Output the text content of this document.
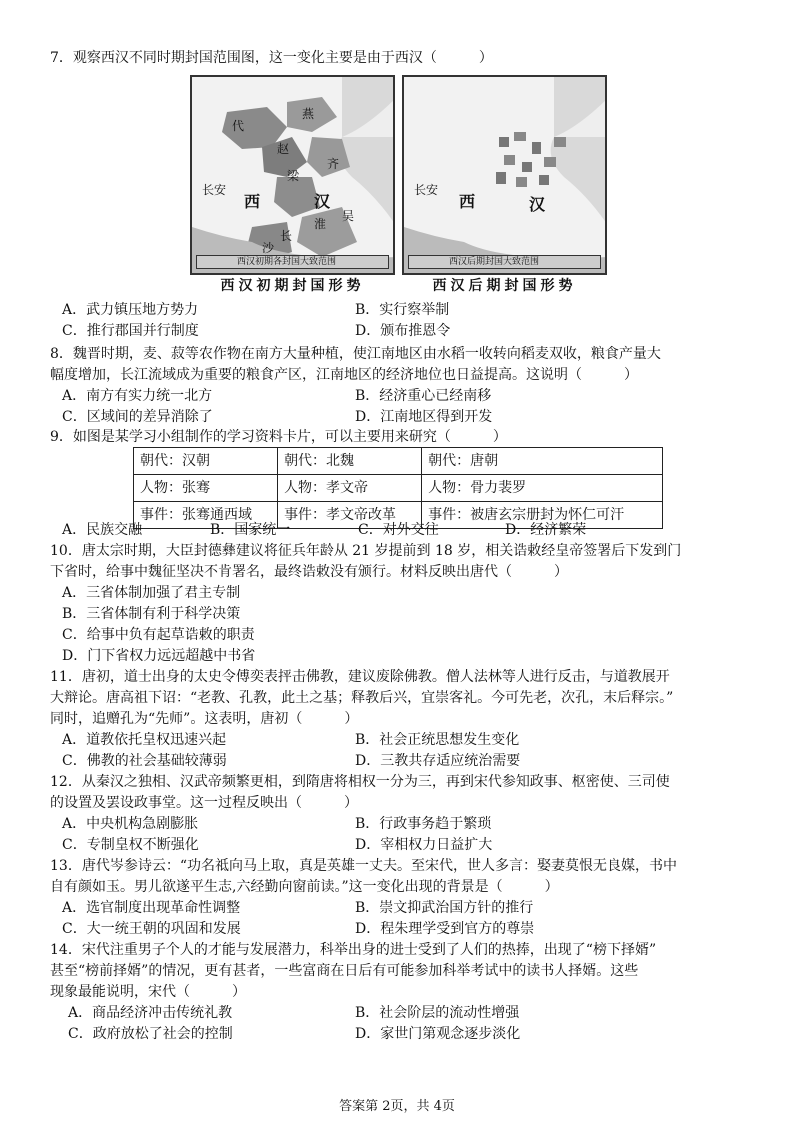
7．观察西汉不同时期封国范围图，这一变化主要是由于西汉（　　　）
代
燕
赵
齐
梁
汉
淮
长安
西
吴
长
沙
西汉初期各封国大致范围
西汉初期封国形势
长安
西	汉
西汉后期封国大致范围
西汉后期封国形势
A．武力镇压地方势力	B．实行察举制
C．推行郡国并行制度	D．颁布推恩令
8．魏晋时期，麦、菽等农作物在南方大量种植，使江南地区由水稻一收转向稻麦双收，粮食产量大
幅度增加，长江流域成为重要的粮食产区，江南地区的经济地位也日益提高。这说明（　　　）
A．南方有实力统一北方	B．经济重心已经南移
C．区域间的差异消除了	D．江南地区得到开发
9．如图是某学习小组制作的学习资料卡片，可以主要用来研究（　　　）
朝代：汉朝	朝代：北魏	朝代：唐朝
人物：张骞	人物：孝文帝	人物：骨力裴罗
事件：张骞通西域	事件：孝文帝改革	事件：被唐玄宗册封为怀仁可汗
A．民族交融	B．国家统一	C．对外交往	D．经济繁荣
10．唐太宗时期，大臣封德彝建议将征兵年龄从 21 岁提前到 18 岁，相关诰敕经皇帝签署后下发到门
下省时，给事中魏征坚决不肯署名，最终诰敕没有颁行。材料反映出唐代（　　　）
A．三省体制加强了君主专制
B．三省体制有利于科学决策
C．给事中负有起草诰敕的职责
D．门下省权力远远超越中书省
11．唐初，道士出身的太史令傅奕表抨击佛教，建议废除佛教。僧人法林等人进行反击，与道教展开
大辩论。唐高祖下诏：“老教、孔教，此土之基；释教后兴，宜崇客礼。今可先老，次孔，末后释宗。”
同时，追赠孔为“先师”。这表明，唐初（　　　）
A．道教依托皇权迅速兴起	B．社会正统思想发生变化
C．佛教的社会基础较薄弱	D．三教共存适应统治需要
12．从秦汉之独相、汉武帝频繁更相，到隋唐将相权一分为三，再到宋代参知政事、枢密使、三司使
的设置及罢设政事堂。这一过程反映出（　　　）
A．中央机构急剧膨胀	B．行政事务趋于繁琐
C．专制皇权不断强化	D．宰相权力日益扩大
13．唐代岑参诗云：“功名祗向马上取，真是英雄一丈夫。至宋代，世人多言：娶妻莫恨无良媒，书中
自有颜如玉。男儿欲遂平生志,六经勤向窗前读。”这一变化出现的背景是（　　　）
A．选官制度出现革命性调整	B．崇文抑武治国方针的推行
C．大一统王朝的巩固和发展	D．程朱理学受到官方的尊崇
14．宋代注重男子个人的才能与发展潜力，科举出身的进士受到了人们的热捧，出现了“榜下择婿”
甚至“榜前择婿”的情况，更有甚者，一些富商在日后有可能参加科举考试中的读书人择婿。这些
现象最能说明，宋代（　　　）
A．商品经济冲击传统礼教	B．社会阶层的流动性增强
C．政府放松了社会的控制	D．家世门第观念逐步淡化
答案第 2页，共 4页
